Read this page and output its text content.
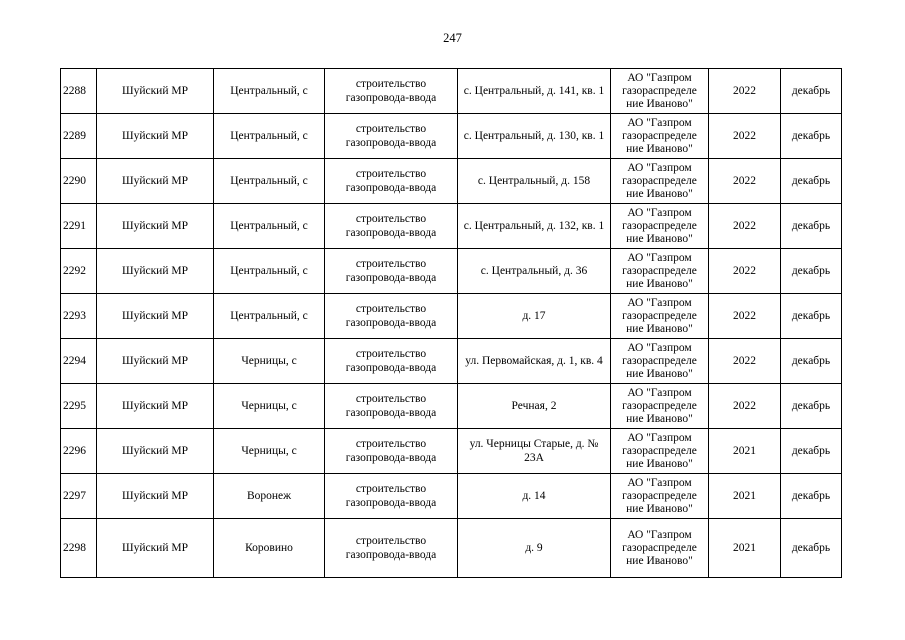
247
2288	Шуйский МР	Центральный, с	строительство газопровода-ввода	с. Центральный, д. 141, кв. 1	АО "Газпром газораспределе ние Иваново"	2022	декабрь
2289	Шуйский МР	Центральный, с	строительство газопровода-ввода	с. Центральный, д. 130, кв. 1	АО "Газпром газораспределе ние Иваново"	2022	декабрь
2290	Шуйский МР	Центральный, с	строительство газопровода-ввода	с. Центральный, д. 158	АО "Газпром газораспределе ние Иваново"	2022	декабрь
2291	Шуйский МР	Центральный, с	строительство газопровода-ввода	с. Центральный, д. 132, кв. 1	АО "Газпром газораспределе ние Иваново"	2022	декабрь
2292	Шуйский МР	Центральный, с	строительство газопровода-ввода	с. Центральный, д. 36	АО "Газпром газораспределе ние Иваново"	2022	декабрь
2293	Шуйский МР	Центральный, с	строительство газопровода-ввода	д. 17	АО "Газпром газораспределе ние Иваново"	2022	декабрь
2294	Шуйский МР	Черницы, с	строительство газопровода-ввода	ул. Первомайская, д. 1, кв. 4	АО "Газпром газораспределе ние Иваново"	2022	декабрь
2295	Шуйский МР	Черницы, с	строительство газопровода-ввода	Речная, 2	АО "Газпром газораспределе ние Иваново"	2022	декабрь
2296	Шуйский МР	Черницы, с	строительство газопровода-ввода	ул. Черницы Старые, д. № 23А	АО "Газпром газораспределе ние Иваново"	2021	декабрь
2297	Шуйский МР	Воронеж	строительство газопровода-ввода	д. 14	АО "Газпром газораспределе ние Иваново"	2021	декабрь
2298	Шуйский МР	Коровино	строительство газопровода-ввода	д. 9	АО "Газпром газораспределе ние Иваново"	2021	декабрь
